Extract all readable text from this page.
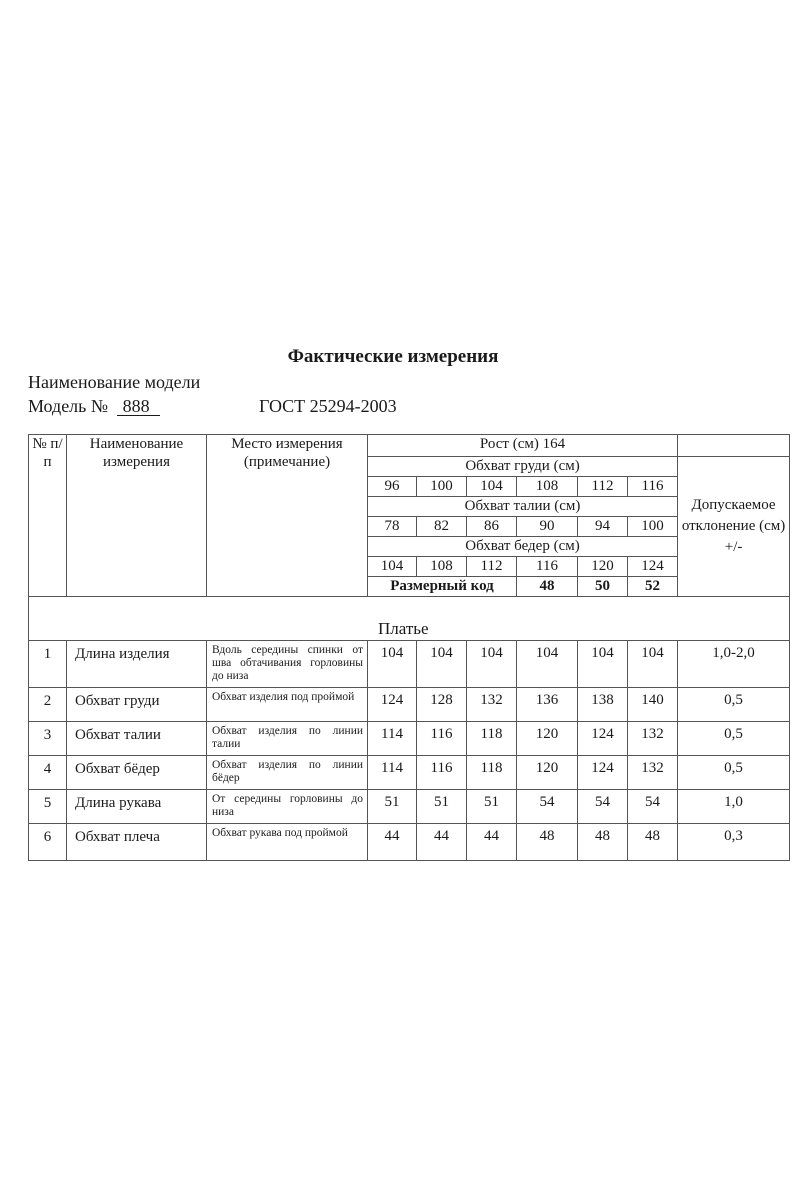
Фактические измерения
Наименование модели
Модель № 888	ГОСТ 25294-2003
№ п/п	Наименование измерения	Место измерения (примечание)	Рост (см) 164							
			Обхват груди (см)						Допускаемое отклонение (см) +/-	
			96	100	104	108	112	116		
			Обхват талии (см)							
			78	82	86	90	94	100		
			Обхват бедер (см)							
			104	108	112	116	120	124		
			Размерный код			48	50	52				
Платье										
1	Длина изделия	Вдоль середины спинки от шва обтачивания горловины до низа	104	104	104	104	104	104	1,0-2,0	
2	Обхват груди	Обхват изделия под проймой	124	128	132	136	138	140	0,5	
3	Обхват талии	Обхват изделия по линии талии	114	116	118	120	124	132	0,5	
4	Обхват бёдер	Обхват изделия по линии бёдер	114	116	118	120	124	132	0,5	
5	Длина рукава	От середины горловины до низа	51	51	51	54	54	54	1,0	
6	Обхват плеча	Обхват рукава под проймой	44	44	44	48	48	48	0,3	
